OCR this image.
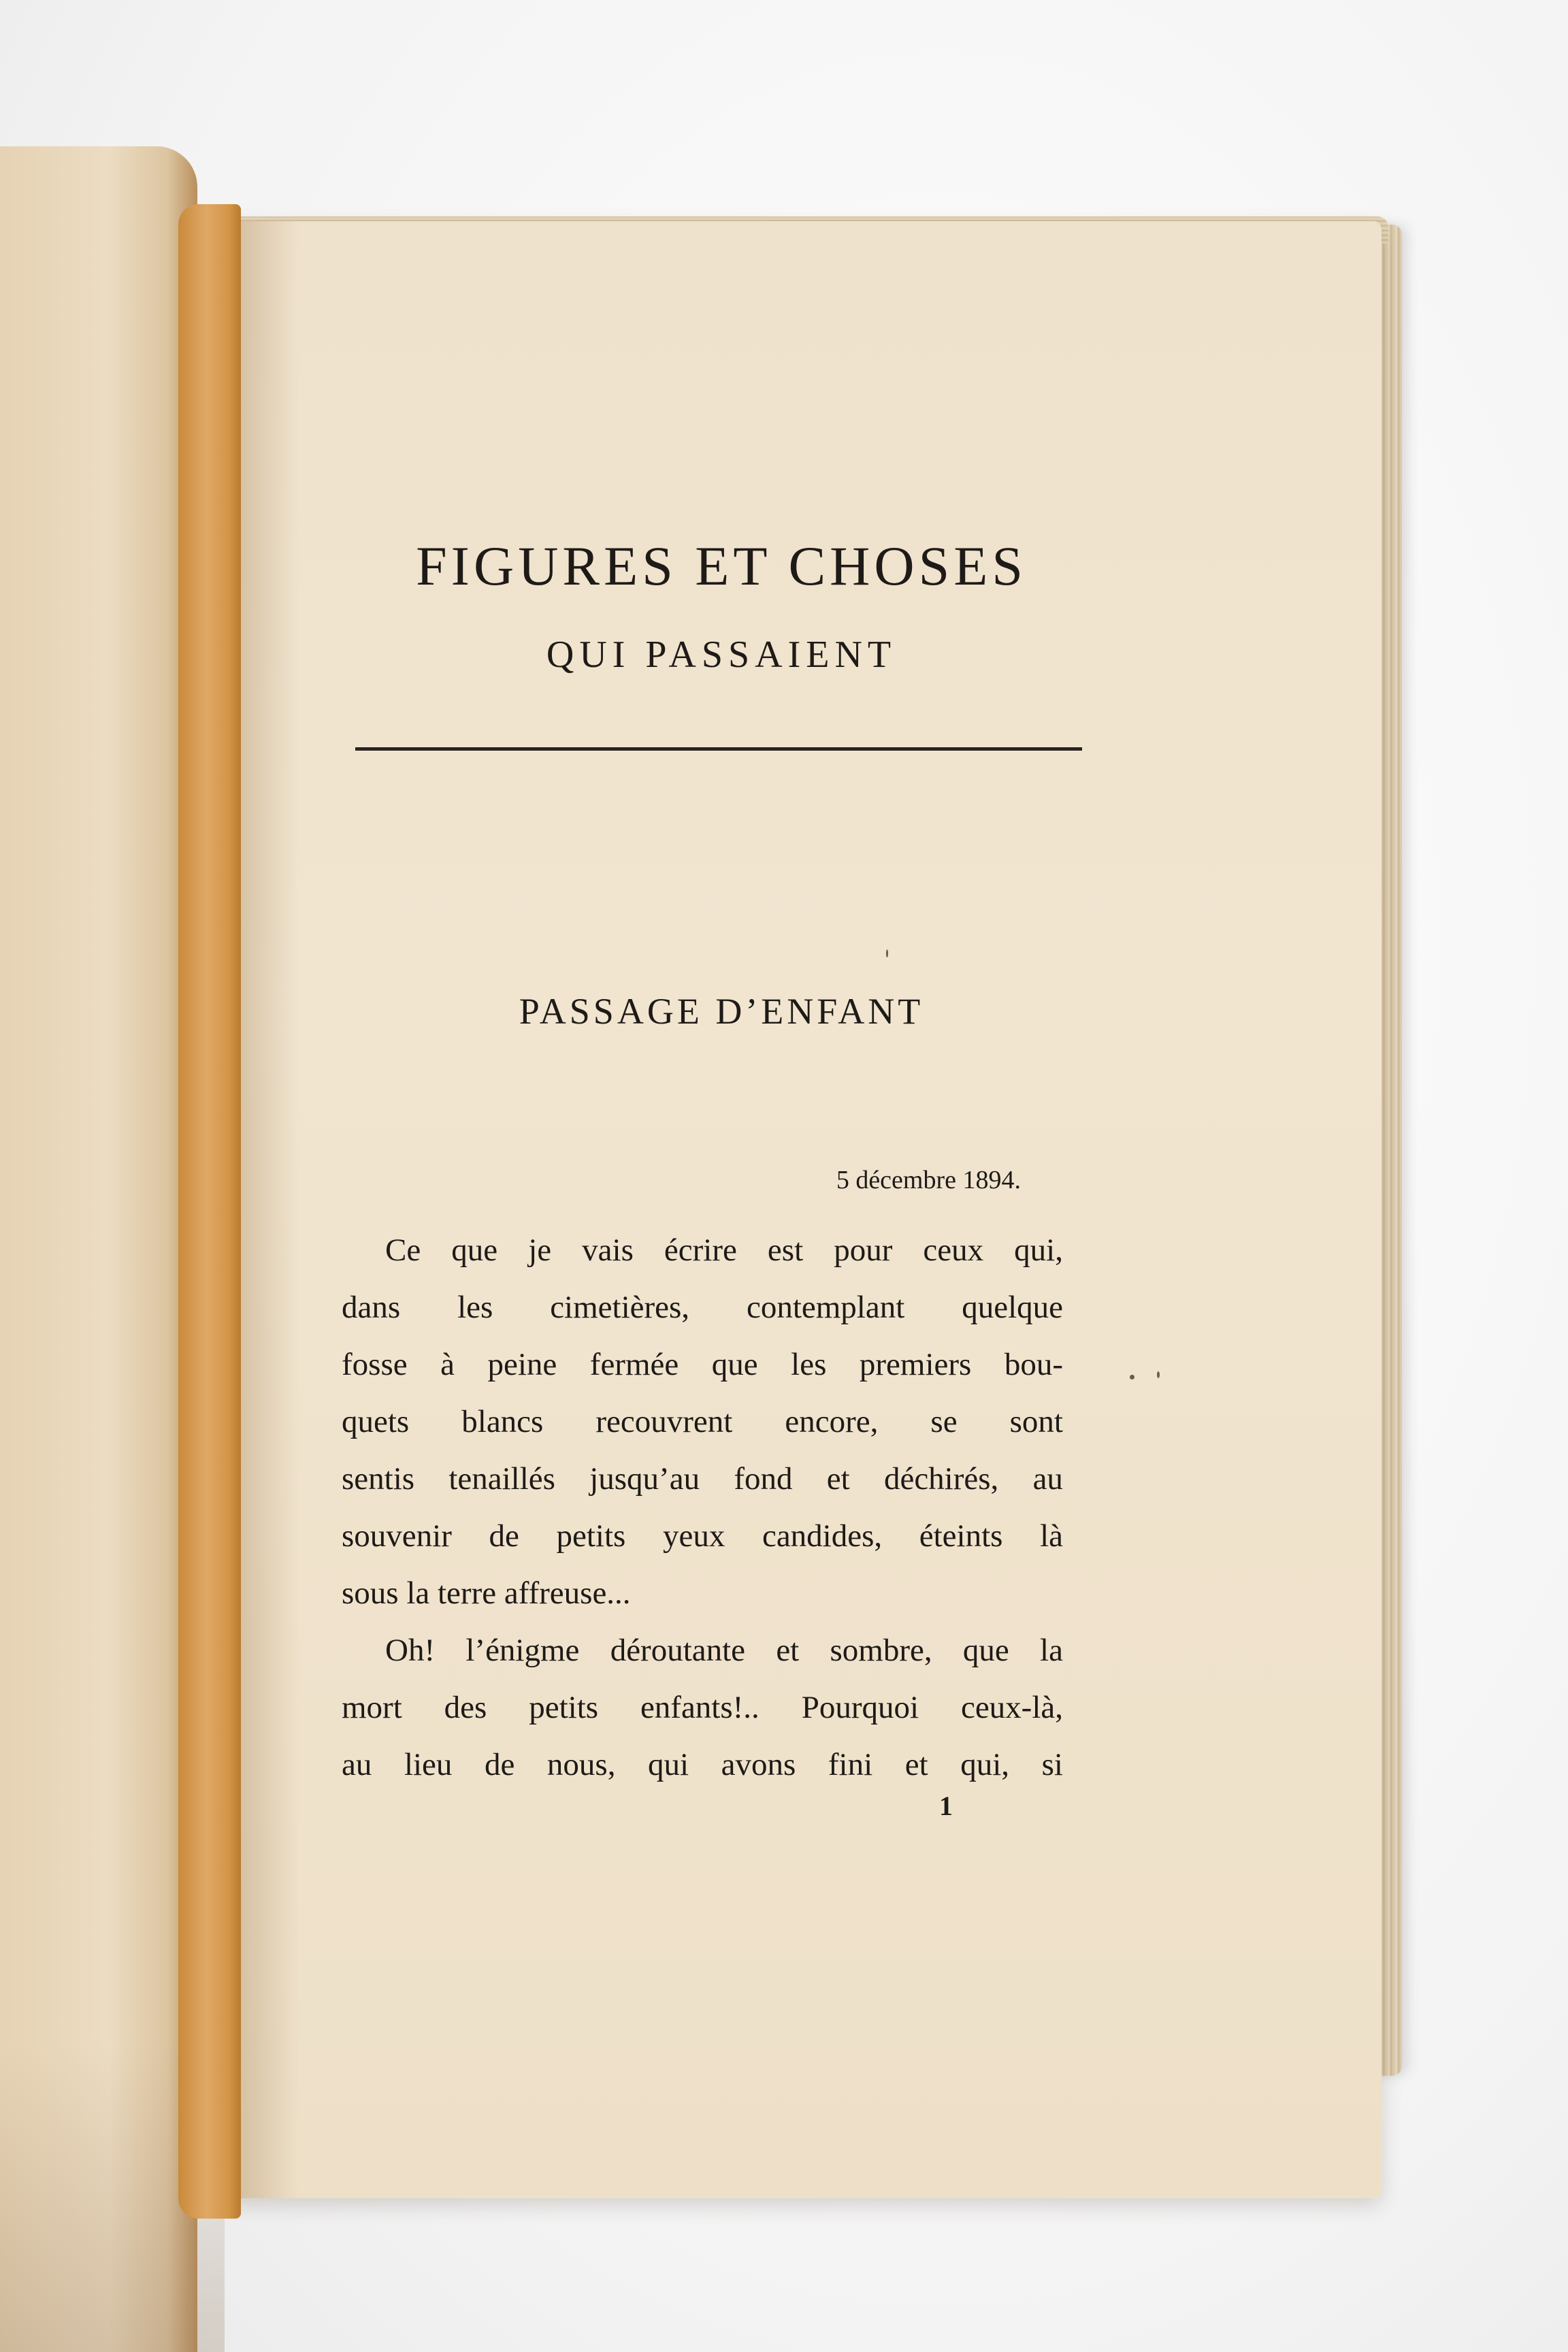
FIGURES ET CHOSES
QUI PASSAIENT
PASSAGE D’ENFANT
5 décembre 1894.
Ce que je vais écrire est pour ceux qui,
dans les cimetières, contemplant quelque
fosse à peine fermée que les premiers bou-
quets blancs recouvrent encore, se sont
sentis tenaillés jusqu’au fond et déchirés, au
souvenir de petits yeux candides, éteints là
sous la terre affreuse...
Oh! l’énigme déroutante et sombre, que la
mort des petits enfants!.. Pourquoi ceux-là,
au lieu de nous, qui avons fini et qui, si
1
